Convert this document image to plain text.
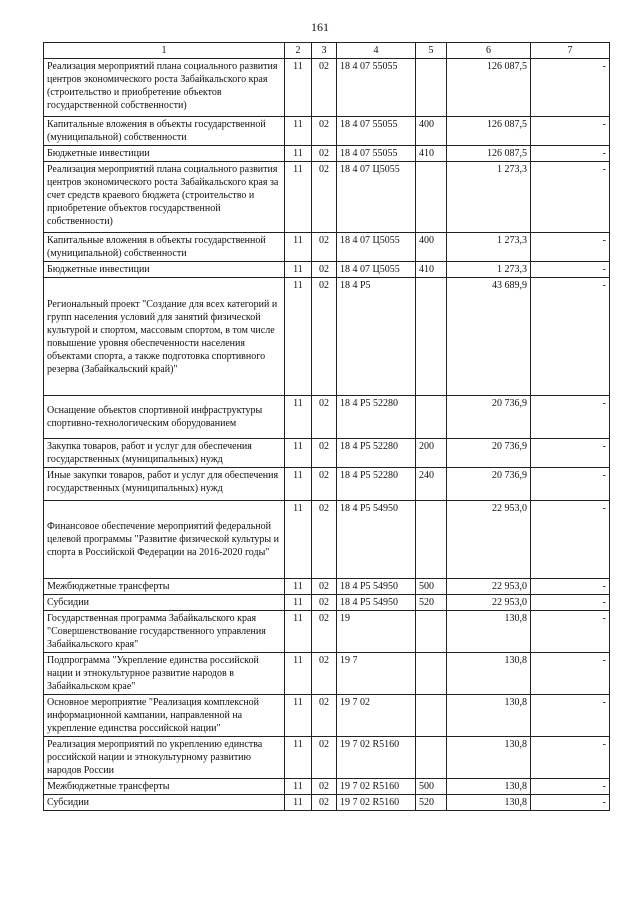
161
1	2	3	4	5	6	7
Реализация мероприятий плана социального развития центров экономического роста Забайкальского края (строительство и приобретение объектов государственной собственности)	11	02	18 4 07 55055		126 087,5	-
Капитальные вложения в объекты государственной (муниципальной) собственности	11	02	18 4 07 55055	400	126 087,5	-
Бюджетные инвестиции	11	02	18 4 07 55055	410	126 087,5	-
Реализация мероприятий плана социального развития центров экономического роста Забайкальского края за счет средств краевого бюджета (строительство и приобретение объектов государственной собственности)	11	02	18 4 07 Ц5055		1 273,3	-
Капитальные вложения в объекты государственной (муниципальной) собственности	11	02	18 4 07 Ц5055	400	1 273,3	-
Бюджетные инвестиции	11	02	18 4 07 Ц5055	410	1 273,3	-
Региональный проект "Создание для всех категорий и групп населения условий для занятий физической культурой и спортом, массовым спортом, в том числе повышение уровня обеспеченности населения объектами спорта, а также подготовка спортивного резерва (Забайкальский край)"	11	02	18 4 P5		43 689,9	-
Оснащение объектов спортивной инфраструктуры спортивно-технологическим оборудованием	11	02	18 4 P5 52280		20 736,9	-
Закупка товаров, работ и услуг для обеспечения государственных (муниципальных) нужд	11	02	18 4 P5 52280	200	20 736,9	-
Иные закупки товаров, работ и услуг для обеспечения государственных (муниципальных) нужд	11	02	18 4 P5 52280	240	20 736,9	-
Финансовое обеспечение мероприятий федеральной целевой программы "Развитие физической культуры и спорта в Российской Федерации на 2016-2020 годы"	11	02	18 4 P5 54950		22 953,0	-
Межбюджетные трансферты	11	02	18 4 P5 54950	500	22 953,0	-
Субсидии	11	02	18 4 P5 54950	520	22 953,0	-
Государственная программа Забайкальского края "Совершенствование государственного управления Забайкальского края"	11	02	19		130,8	-
Подпрограмма "Укрепление единства российской нации и этнокультурное развитие народов в Забайкальском крае"	11	02	19 7		130,8	-
Основное мероприятие "Реализация комплексной информационной кампании, направленной на укрепление единства российской нации"	11	02	19 7 02		130,8	-
Реализация мероприятий по укреплению единства российской нации и этнокультурному развитию народов России	11	02	19 7 02 R5160		130,8	-
Межбюджетные трансферты	11	02	19 7 02 R5160	500	130,8	-
Субсидии	11	02	19 7 02 R5160	520	130,8	-
